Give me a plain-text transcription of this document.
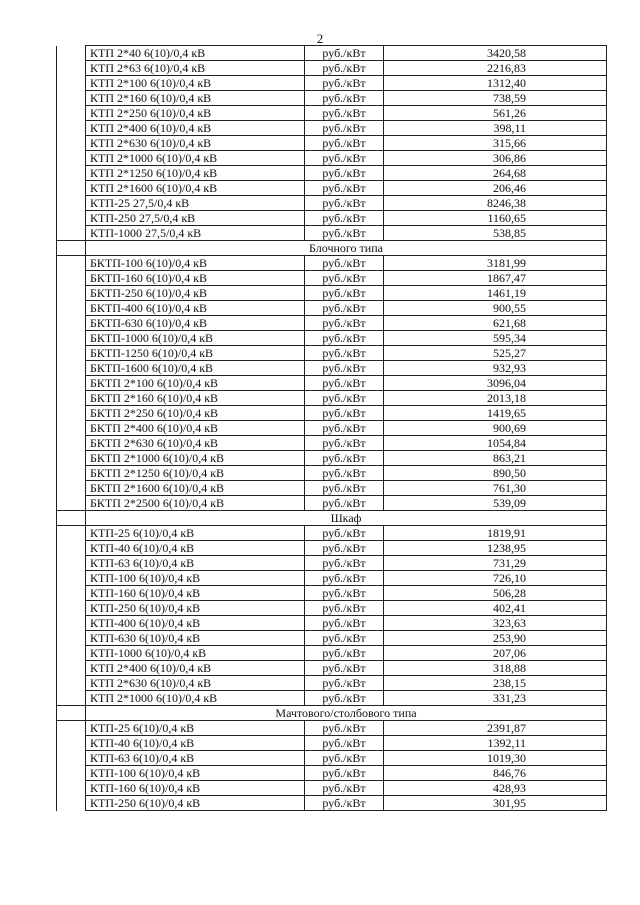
2
	КТП 2*40 6(10)/0,4 кВ	руб./кВт	3420,58
	КТП 2*63 6(10)/0,4 кВ	руб./кВт	2216,83
	КТП 2*100 6(10)/0,4 кВ	руб./кВт	1312,40
	КТП 2*160 6(10)/0,4 кВ	руб./кВт	738,59
	КТП 2*250 6(10)/0,4 кВ	руб./кВт	561,26
	КТП 2*400 6(10)/0,4 кВ	руб./кВт	398,11
	КТП 2*630 6(10)/0,4 кВ	руб./кВт	315,66
	КТП 2*1000 6(10)/0,4 кВ	руб./кВт	306,86
	КТП 2*1250 6(10)/0,4 кВ	руб./кВт	264,68
	КТП 2*1600 6(10)/0,4 кВ	руб./кВт	206,46
	КТП-25 27,5/0,4 кВ	руб./кВт	8246,38
	КТП-250 27,5/0,4 кВ	руб./кВт	1160,65
	КТП-1000 27,5/0,4 кВ	руб./кВт	538,85
	Блочного типа		
	БКТП-100 6(10)/0,4 кВ	руб./кВт	3181,99
	БКТП-160 6(10)/0,4 кВ	руб./кВт	1867,47
	БКТП-250 6(10)/0,4 кВ	руб./кВт	1461,19
	БКТП-400 6(10)/0,4 кВ	руб./кВт	900,55
	БКТП-630 6(10)/0,4 кВ	руб./кВт	621,68
	БКТП-1000 6(10)/0,4 кВ	руб./кВт	595,34
	БКТП-1250 6(10)/0,4 кВ	руб./кВт	525,27
	БКТП-1600 6(10)/0,4 кВ	руб./кВт	932,93
	БКТП 2*100 6(10)/0,4 кВ	руб./кВт	3096,04
	БКТП 2*160 6(10)/0,4 кВ	руб./кВт	2013,18
	БКТП 2*250 6(10)/0,4 кВ	руб./кВт	1419,65
	БКТП 2*400 6(10)/0,4 кВ	руб./кВт	900,69
	БКТП 2*630 6(10)/0,4 кВ	руб./кВт	1054,84
	БКТП 2*1000 6(10)/0,4 кВ	руб./кВт	863,21
	БКТП 2*1250 6(10)/0,4 кВ	руб./кВт	890,50
	БКТП 2*1600 6(10)/0,4 кВ	руб./кВт	761,30
	БКТП 2*2500 6(10)/0,4 кВ	руб./кВт	539,09
	Шкаф		
	КТП-25 6(10)/0,4 кВ	руб./кВт	1819,91
	КТП-40 6(10)/0,4 кВ	руб./кВт	1238,95
	КТП-63 6(10)/0,4 кВ	руб./кВт	731,29
	КТП-100 6(10)/0,4 кВ	руб./кВт	726,10
	КТП-160 6(10)/0,4 кВ	руб./кВт	506,28
	КТП-250 6(10)/0,4 кВ	руб./кВт	402,41
	КТП-400 6(10)/0,4 кВ	руб./кВт	323,63
	КТП-630 6(10)/0,4 кВ	руб./кВт	253,90
	КТП-1000 6(10)/0,4 кВ	руб./кВт	207,06
	КТП 2*400 6(10)/0,4 кВ	руб./кВт	318,88
	КТП 2*630 6(10)/0,4 кВ	руб./кВт	238,15
	КТП 2*1000 6(10)/0,4 кВ	руб./кВт	331,23
	Мачтового/столбового типа		
	КТП-25 6(10)/0,4 кВ	руб./кВт	2391,87
	КТП-40 6(10)/0,4 кВ	руб./кВт	1392,11
	КТП-63 6(10)/0,4 кВ	руб./кВт	1019,30
	КТП-100 6(10)/0,4 кВ	руб./кВт	846,76
	КТП-160 6(10)/0,4 кВ	руб./кВт	428,93
	КТП-250 6(10)/0,4 кВ	руб./кВт	301,95
